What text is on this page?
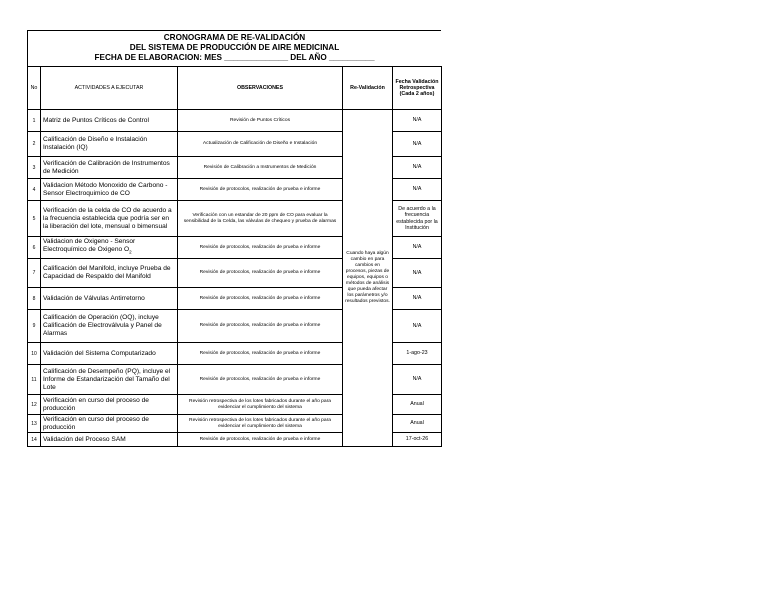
CRONOGRAMA DE RE-VALIDACIÓN
DEL SISTEMA DE PRODUCCIÓN DE AIRE MEDICINAL
FECHA DE ELABORACION: MES ______________ DEL AÑO __________
No	ACTIVIDADES A EJECUTAR	OBSERVACIONES	Re-Validación	Fecha Validación Retrospectiva (Cada 2 años)
1	Matriz de Puntos Críticos de Control	Revisión de Puntos Críticos	Cuando haya algún cambio en para cambios en procesos, piezas de equipos, equipos o métodos de análisis que pueda afectar los parámetros y/o resultados previstos.	N/A
2	Calificación de Diseño e Instalación Instalación (IQ)	Actualización de Calificación de Diseño e Instalación		N/A
3	Verificación de Calibración de Instrumentos de Medición	Revisión de Calibración a Instrumentos de Medición		N/A
4	Validacion Método Monoxido de Carbono - Sensor Electroquimico de CO	Revisión de protocolos, realización de prueba e informe		N/A
5	Verificación de la celda de CO de acuerdo a la frecuencia establecida que podría ser en la liberación del lote, mensual o bimensual	Verificación con un estandar de 20 ppm de CO para evaluar la sensibilidad de la Celda, las válvulas de chequeo y prueba de alarmas		De acuerdo a la frecuencia establecida por la Institución
6	Validacion de Oxigeno - Sensor Electroquímico de Oxigeno $O_2$	Revisión de protocolos, realización de prueba e informe		N/A
7	Calificación del Manifold, incluye Prueba de Capacidad de Respaldo del Manifold	Revisión de protocolos, realización de prueba e informe		N/A
8	Validación de Válvulas Antirretorno	Revisión de protocolos, realización de prueba e informe		N/A
9	Calificación de Operación (OQ), incluye Calificación de Electroválvula y Panel de Alarmas	Revisión de protocolos, realización de prueba e informe		N/A
10	Validación del Sistema Computarizado	Revisión de protocolos, realización de prueba e informe		1-ago-23
11	Calificación de Desempeño (PQ), incluye el Informe de Estandarización del Tamaño del Lote	Revisión de protocolos, realización de prueba e informe		N/A
12	Verificación en curso del proceso de producción	Revisión retrospectiva de los lotes fabricados durante el año para evidenciar el cumplimiento del sistema		Anual
13	Verificación en curso del proceso de producción	Revisión retrospectiva de los lotes fabricados durante el año para evidenciar el cumplimiento del sistema		Anual
14	Validación del Proceso SAM	Revisión de protocolos, realización de prueba e informe		17-oct-26
